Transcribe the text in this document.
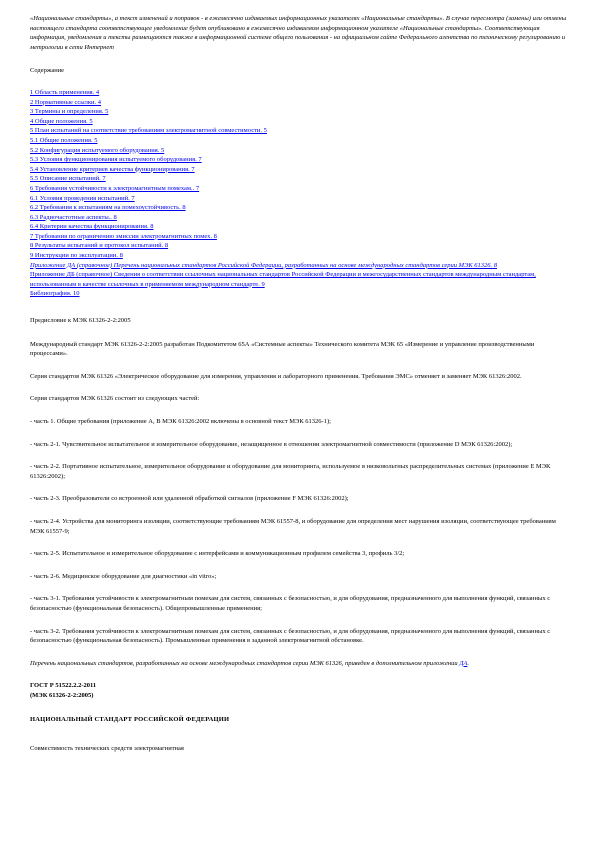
«Национальные стандарты», а текст изменений и поправок - в ежемесячно издаваемых информационных указателях «Национальные стандарты». В случае пересмотра (замены) или отмены настоящего стандарта соответствующее уведомление будет опубликовано в ежемесячно издаваемом информационном указателе «Национальные стандарты». Соответствующая информация, уведомления и тексты размещаются также в информационной системе общего пользования - на официальном сайте Федерального агентства по техническому регулированию и метрологии в сети Интернет

Содержание

1 Область применения. 4
2 Нормативные ссылки. 4
3 Термины и определения. 5
4 Общие положения. 5
5 План испытаний на соответствие требованиям электромагнитной совместимости. 5
5.1 Общие положения. 5
5.2 Конфигурация испытуемого оборудования. 5
5.3 Условия функционирования испытуемого оборудования. 7
5.4 Установление критериев качества функционирования. 7
5.5 Описание испытаний. 7
6 Требования устойчивости к электромагнитным помехам.. 7
6.1 Условия проведения испытаний. 7
6.2 Требования к испытаниям на помехоустойчивость. 8
6.3 Радиочастотные аспекты.. 8
6.4 Критерии качества функционирования. 8
7 Требования по ограничению эмиссии электромагнитных помех. 8
8 Результаты испытаний и протокол испытаний. 8
9 Инструкции по эксплуатации. 8
Приложение ДА (справочное) Перечень национальных стандартов Российской Федерации, разработанных на основе международных стандартов серии МЭК 61326. 8
Приложение ДБ (справочное) Сведения о соответствии ссылочных национальных стандартов Российской Федерации и межгосударственных стандартов международным стандартам, использованным в качестве ссылочных в применяемом международном стандарте. 9
Библиография. 10

Предисловие к МЭК 61326-2-2:2005

Международный стандарт МЭК 61326-2-2:2005 разработан Подкомитетом 65А «Системные аспекты» Технического комитета МЭК 65 «Измерение и управление производственными процессами».

Серия стандартов МЭК 61326 «Электрическое оборудование для измерения, управления и лабораторного применения. Требования ЭМС» отменяет и заменяет МЭК 61326:2002.

Серия стандартов МЭК 61326 состоит из следующих частей:

- часть 1. Общие требования (приложение А, В МЭК 61326:2002 включены в основной текст МЭК 61326-1);

- часть 2-1. Чувствительное испытательное и измерительное оборудование, незащищенное в отношении электромагнитной совместимости (приложение D МЭК 61326:2002);

- часть 2-2. Портативное испытательное, измерительное оборудование и оборудование для мониторинга, используемое в низковольтных распределительных системах (приложение Е МЭК 61326:2002);

- часть 2-3. Преобразователи со встроенной или удаленной обработкой сигналов (приложение F МЭК 61326:2002);

- часть 2-4. Устройства для мониторинга изоляции, соответствующие требованиям МЭК 61557-8, и оборудование для определения мест нарушения изоляции, соответствующее требованиям МЭК 61557-9;

- часть 2-5. Испытательное и измерительное оборудование с интерфейсами и коммуникационным профилем семейства 3, профиль 3/2;

- часть 2-6. Медицинское оборудование для диагностики «in vitro»;

- часть 3-1. Требования устойчивости к электромагнитным помехам для систем, связанных с безопасностью, и для оборудования, предназначенного для выполнения функций, связанных с безопасностью (функциональная безопасность). Общепромышленные применения;

- часть 3-2. Требования устойчивости к электромагнитным помехам для систем, связанных с безопасностью, и для оборудования, предназначенного для выполнения функций, связанных с безопасностью (функциональная безопасность). Промышленные применения в заданной электромагнитной обстановке.

Перечень национальных стандартов, разработанных на основе международных стандартов серии МЭК 61326, приведен в дополнительном приложении ДА.

ГОСТ Р 51522.2.2-2011

(МЭК 61326-2-2:2005)

НАЦИОНАЛЬНЫЙ СТАНДАРТ РОССИЙСКОЙ ФЕДЕРАЦИИ

Совместимость технических средств электромагнитная
